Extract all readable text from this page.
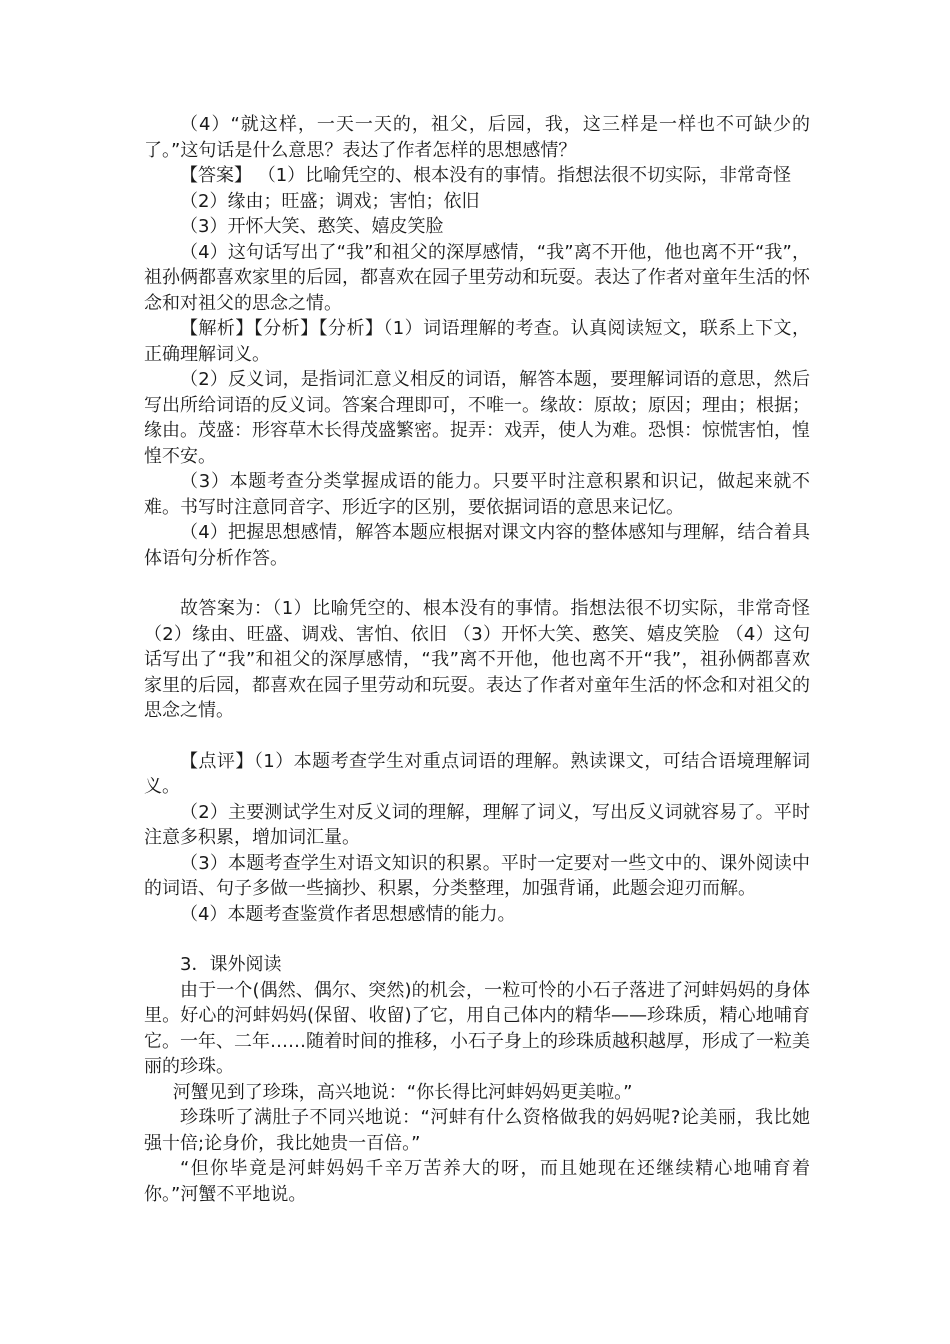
（4）“就这样，一天一天的，祖父，后园，我，这三样是一样也不可缺少的了。”这句话是什么意思？表达了作者怎样的思想感情？

【答案】 （1）比喻凭空的、根本没有的事情。指想法很不切实际，非常奇怪

（2）缘由；旺盛；调戏；害怕；依旧

（3）开怀大笑、憨笑、嬉皮笑脸

（4）这句话写出了“我”和祖父的深厚感情，“我”离不开他，他也离不开“我”，祖孙俩都喜欢家里的后园，都喜欢在园子里劳动和玩耍。表达了作者对童年生活的怀念和对祖父的思念之情。

【解析】【分析】【分析】（1）词语理解的考查。认真阅读短文，联系上下文，正确理解词义。

（2）反义词，是指词汇意义相反的词语，解答本题，要理解词语的意思，然后写出所给词语的反义词。答案合理即可，不唯一。缘故：原故；原因；理由；根据；缘由。茂盛：形容草木长得茂盛繁密。捉弄：戏弄，使人为难。恐惧：惊慌害怕，惶惶不安。

（3）本题考查分类掌握成语的能力。只要平时注意积累和识记，做起来就不难。书写时注意同音字、形近字的区别，要依据词语的意思来记忆。

（4）把握思想感情，解答本题应根据对课文内容的整体感知与理解，结合着具体语句分析作答。

故答案为：（1）比喻凭空的、根本没有的事情。指想法很不切实际，非常奇怪 （2）缘由、旺盛、调戏、害怕、依旧 （3）开怀大笑、憨笑、嬉皮笑脸 （4）这句话写出了“我”和祖父的深厚感情，“我”离不开他，他也离不开“我”，祖孙俩都喜欢家里的后园，都喜欢在园子里劳动和玩耍。表达了作者对童年生活的怀念和对祖父的思念之情。

【点评】（1）本题考查学生对重点词语的理解。熟读课文，可结合语境理解词义。

（2）主要测试学生对反义词的理解，理解了词义，写出反义词就容易了。平时注意多积累，增加词汇量。

（3）本题考查学生对语文知识的积累。平时一定要对一些文中的、课外阅读中的词语、句子多做一些摘抄、积累，分类整理，加强背诵，此题会迎刃而解。

（4）本题考查鉴赏作者思想感情的能力。

3．课外阅读

由于一个(偶然、偶尔、突然)的机会，一粒可怜的小石子落进了河蚌妈妈的身体里。好心的河蚌妈妈(保留、收留)了它，用自己体内的精华——珍珠质，精心地哺育它。一年、二年……随着时间的推移，小石子身上的珍珠质越积越厚，形成了一粒美丽的珍珠。

河蟹见到了珍珠，高兴地说：“你长得比河蚌妈妈更美啦。”

珍珠听了满肚子不同兴地说：“河蚌有什么资格做我的妈妈呢?论美丽，我比她强十倍;论身价，我比她贵一百倍。”

“但你毕竟是河蚌妈妈千辛万苦养大的呀，而且她现在还继续精心地哺育着你。”河蟹不平地说。
